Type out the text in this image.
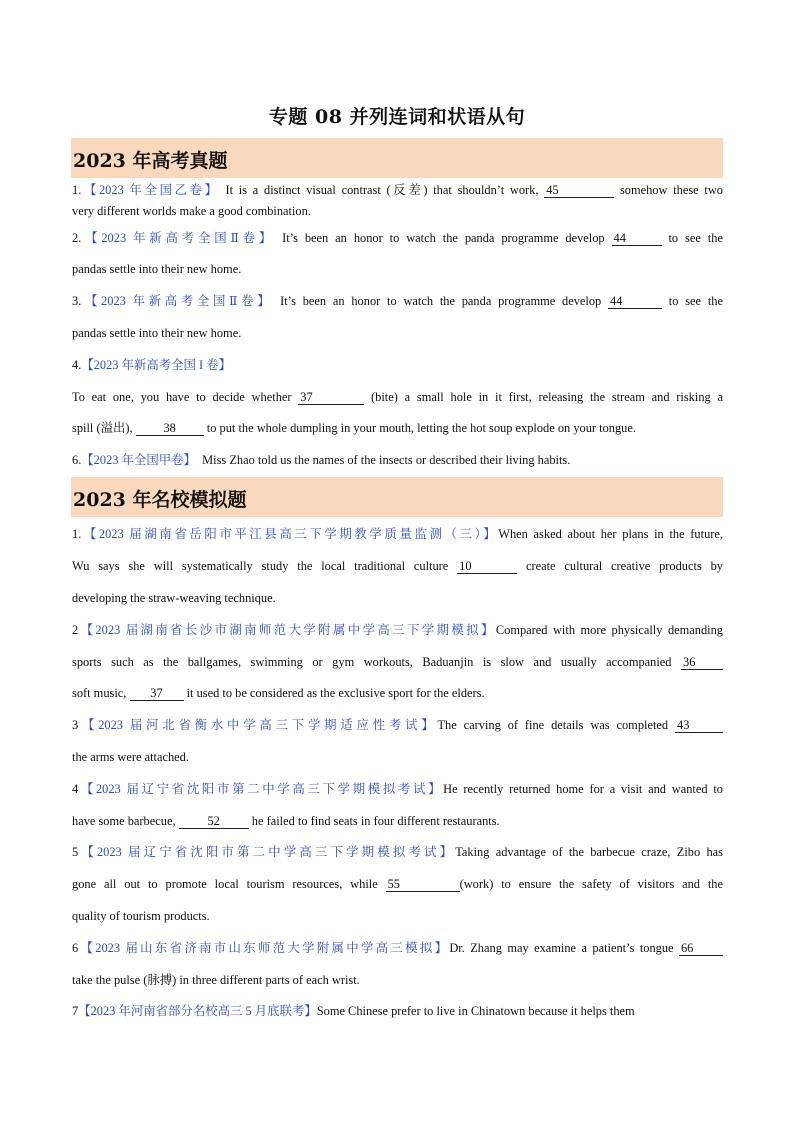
专题 08 并列连词和状语从句
2023 年高考真题
1.【2023 年全国乙卷】 It is a distinct visual contrast (反差) that shouldn’t work, 45	somehow these two
very different worlds make a good combination.
2.【2023 年新高考全国Ⅱ卷】 It’s been an honor to watch the panda programme develop 44	to see the
pandas settle into their new home.
3.【2023 年新高考全国Ⅱ卷】 It’s been an honor to watch the panda programme develop 44	to see the
pandas settle into their new home.
4.【2023 年新高考全国 I 卷】
To eat one, you have to decide whether 37	(bite) a small hole in it first, releasing the stream and risking a
spill (溢出), 38 to put the whole dumpling in your mouth, letting the hot soup explode on your tongue.
6.【2023 年全国甲卷】 Miss Zhao told us the names of the insects or described their living habits.
2023 年名校模拟题
1.【2023 届湖南省岳阳市平江县高三下学期教学质量监测（三）】When asked about her plans in the future,
Wu says she will systematically study the local traditional culture 10	create cultural creative products by
developing the straw-weaving technique.
2【2023 届湖南省长沙市湖南师范大学附属中学高三下学期模拟】Compared with more physically demanding
sports such as the ballgames, swimming or gym workouts, Baduanjin is slow and usually accompanied 36
soft music, 37 it used to be considered as the exclusive sport for the elders.
3【2023 届河北省衡水中学高三下学期适应性考试】The carving of fine details was completed 43
the arms were attached.
4【2023 届辽宁省沈阳市第二中学高三下学期模拟考试】He recently returned home for a visit and wanted to
have some barbecue,	52	he failed to find seats in four different restaurants.
5【2023 届辽宁省沈阳市第二中学高三下学期模拟考试】Taking advantage of the barbecue craze, Zibo has
gone all out to promote local tourism resources, while 55	(work) to ensure the safety of visitors and the
quality of tourism products.
6【2023 届山东省济南市山东师范大学附属中学高三模拟】Dr. Zhang may examine a patient’s tongue 66
take the pulse (脉搏) in three different parts of each wrist.
7【2023 年河南省部分名校高三 5 月底联考】Some Chinese prefer to live in Chinatown because it helps them
